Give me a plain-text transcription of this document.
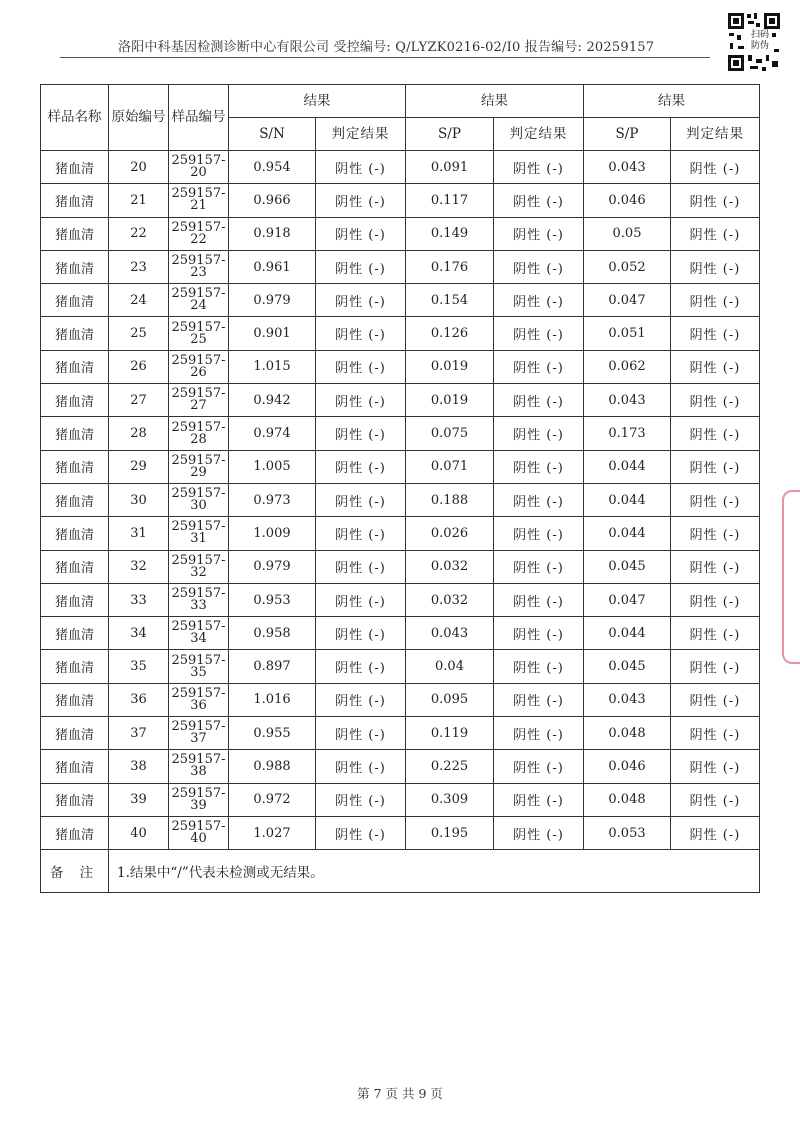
洛阳中科基因检测诊断中心有限公司 受控编号: Q/LYZK0216-02/I0 报告编号: 20259157
扫码防伪
样品名称	原始编号	样品编号	结果		结果		结果	
			S/N	判定结果	S/P	判定结果	S/P	判定结果
猪血清	20	259157-20	0.954	阴性 (-)	0.091	阴性 (-)	0.043	阴性 (-)
猪血清	21	259157-21	0.966	阴性 (-)	0.117	阴性 (-)	0.046	阴性 (-)
猪血清	22	259157-22	0.918	阴性 (-)	0.149	阴性 (-)	0.05	阴性 (-)
猪血清	23	259157-23	0.961	阴性 (-)	0.176	阴性 (-)	0.052	阴性 (-)
猪血清	24	259157-24	0.979	阴性 (-)	0.154	阴性 (-)	0.047	阴性 (-)
猪血清	25	259157-25	0.901	阴性 (-)	0.126	阴性 (-)	0.051	阴性 (-)
猪血清	26	259157-26	1.015	阴性 (-)	0.019	阴性 (-)	0.062	阴性 (-)
猪血清	27	259157-27	0.942	阴性 (-)	0.019	阴性 (-)	0.043	阴性 (-)
猪血清	28	259157-28	0.974	阴性 (-)	0.075	阴性 (-)	0.173	阴性 (-)
猪血清	29	259157-29	1.005	阴性 (-)	0.071	阴性 (-)	0.044	阴性 (-)
猪血清	30	259157-30	0.973	阴性 (-)	0.188	阴性 (-)	0.044	阴性 (-)
猪血清	31	259157-31	1.009	阴性 (-)	0.026	阴性 (-)	0.044	阴性 (-)
猪血清	32	259157-32	0.979	阴性 (-)	0.032	阴性 (-)	0.045	阴性 (-)
猪血清	33	259157-33	0.953	阴性 (-)	0.032	阴性 (-)	0.047	阴性 (-)
猪血清	34	259157-34	0.958	阴性 (-)	0.043	阴性 (-)	0.044	阴性 (-)
猪血清	35	259157-35	0.897	阴性 (-)	0.04	阴性 (-)	0.045	阴性 (-)
猪血清	36	259157-36	1.016	阴性 (-)	0.095	阴性 (-)	0.043	阴性 (-)
猪血清	37	259157-37	0.955	阴性 (-)	0.119	阴性 (-)	0.048	阴性 (-)
猪血清	38	259157-38	0.988	阴性 (-)	0.225	阴性 (-)	0.046	阴性 (-)
猪血清	39	259157-39	0.972	阴性 (-)	0.309	阴性 (-)	0.048	阴性 (-)
猪血清	40	259157-40	1.027	阴性 (-)	0.195	阴性 (-)	0.053	阴性 (-)
备 注	1.结果中“/”代表未检测或无结果。							
第 7 页 共 9 页
